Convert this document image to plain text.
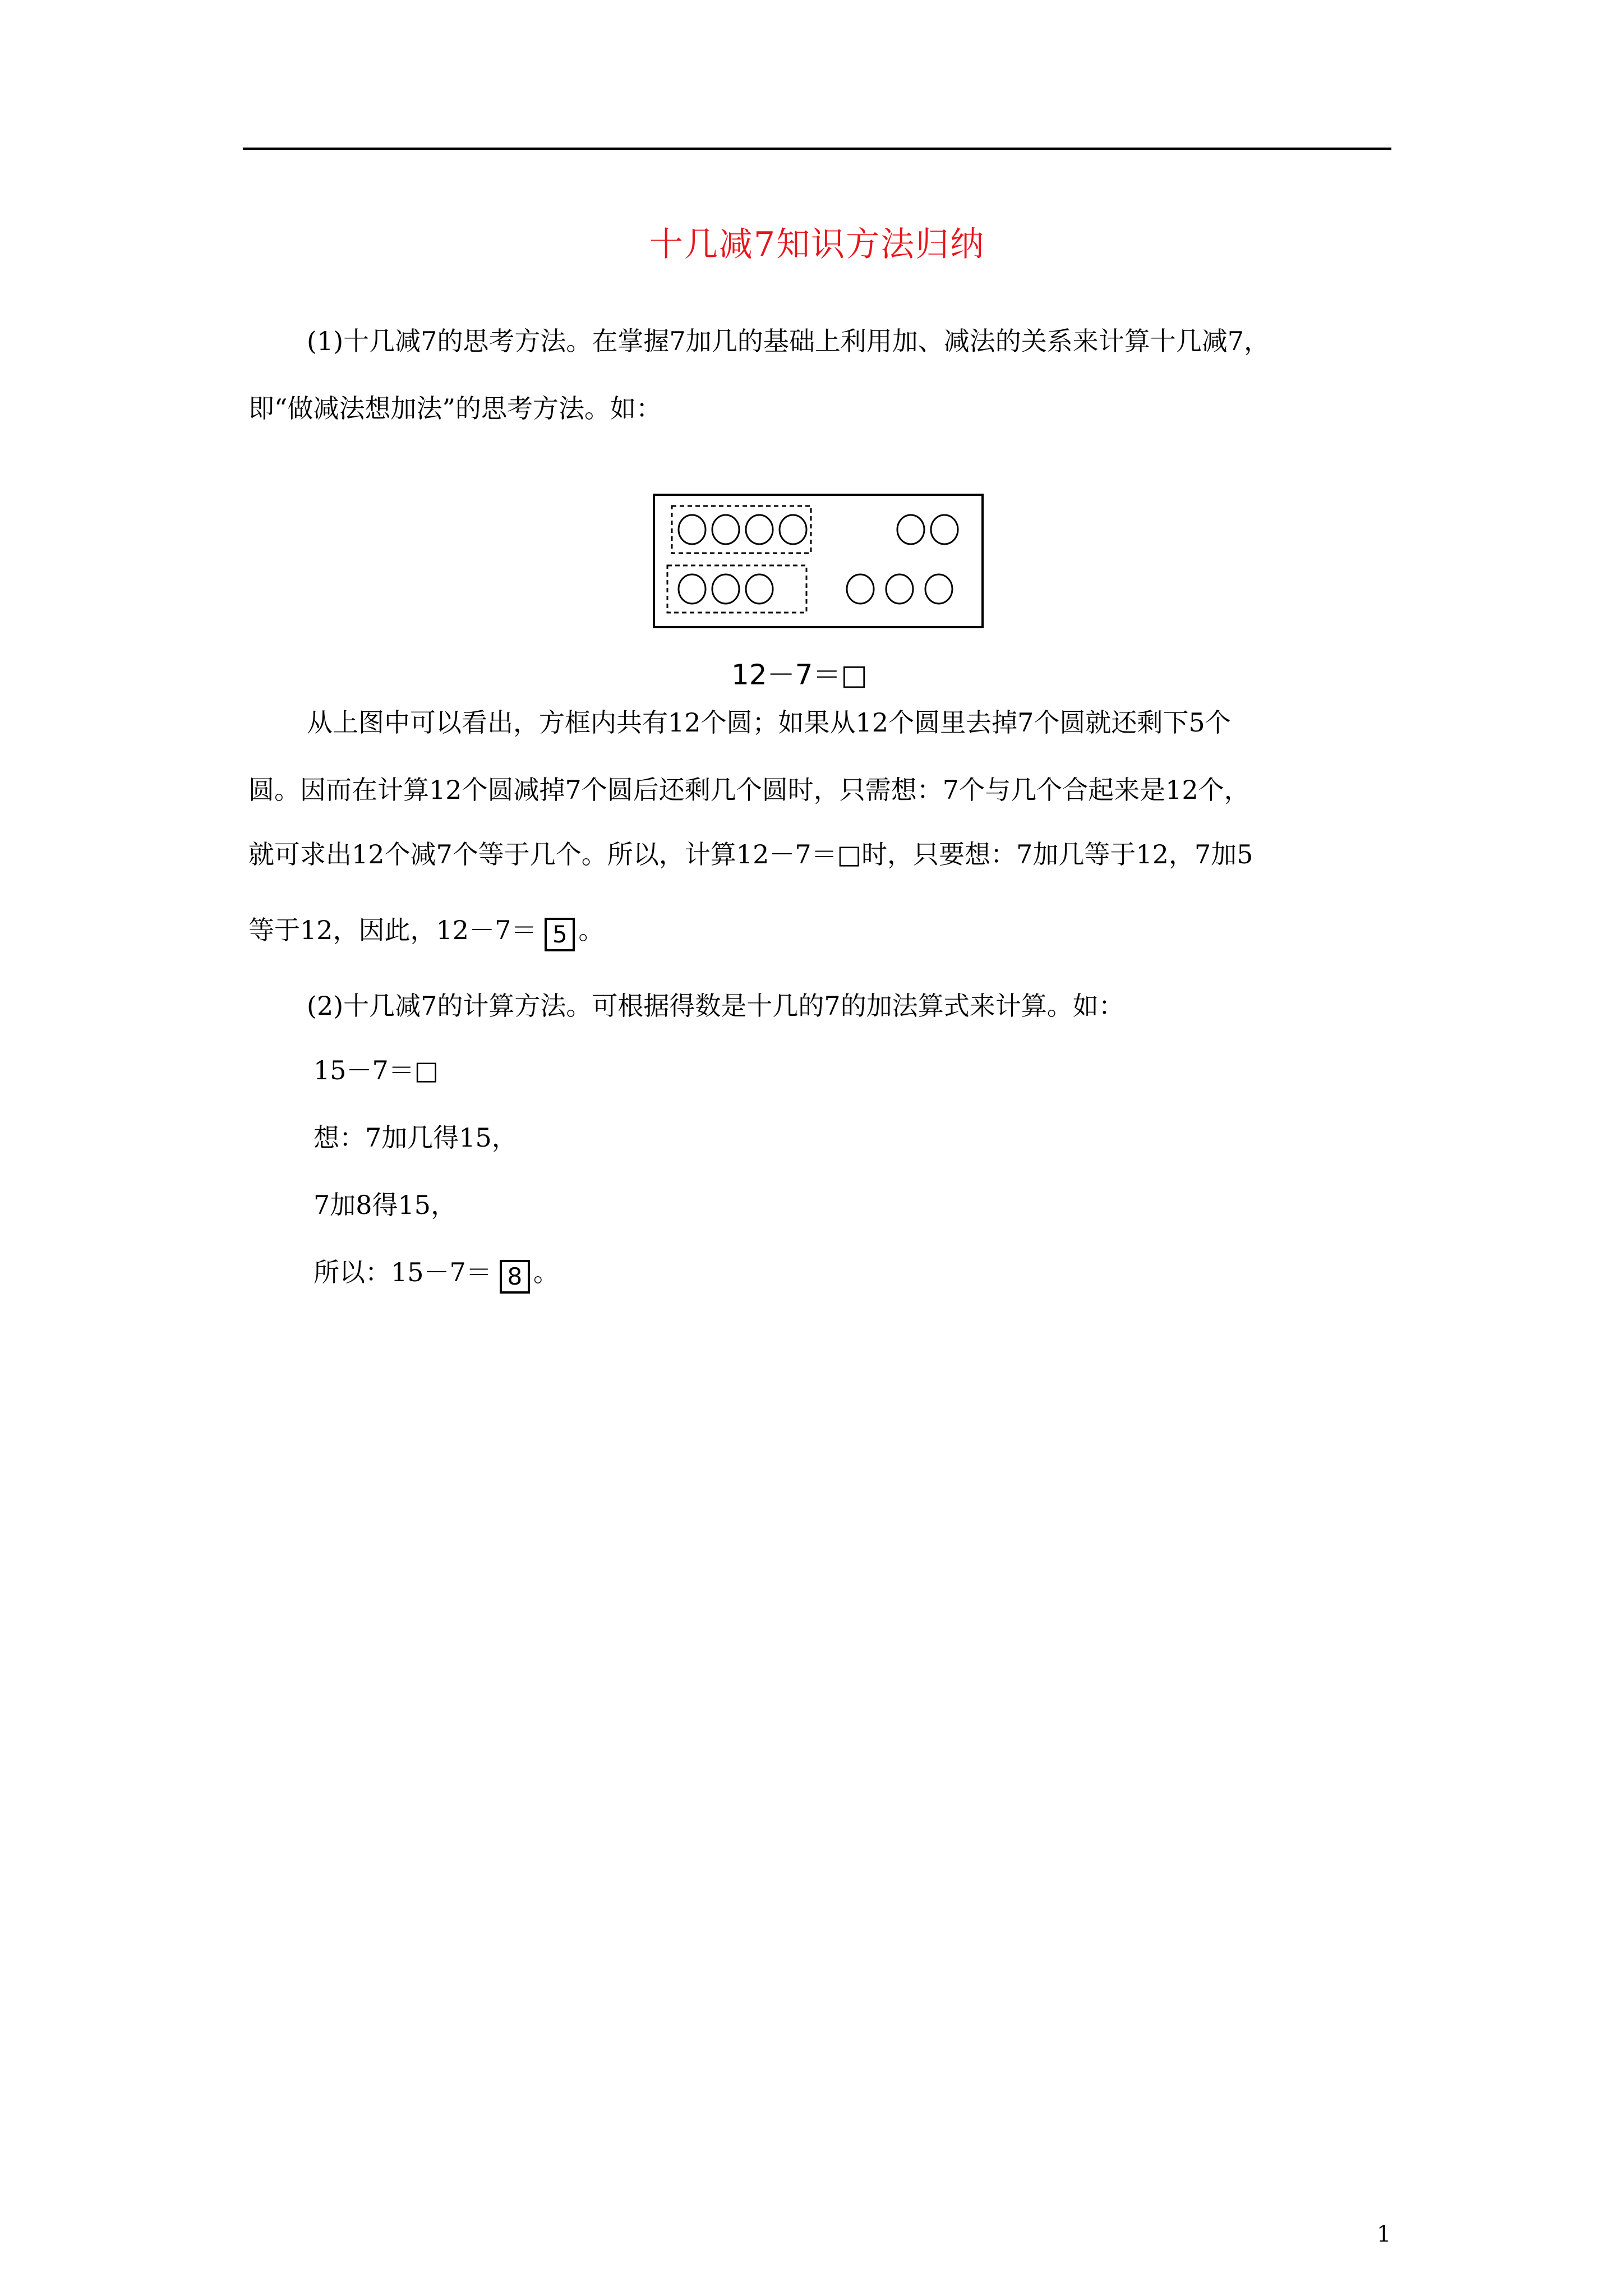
十几减7知识方法归纳
(1)十几减7的思考方法。在掌握7加几的基础上利用加、减法的关系来计算十几减7，
即“做减法想加法”的思考方法。如：
12－7＝□
从上图中可以看出，方框内共有12个圆；如果从12个圆里去掉7个圆就还剩下5个
圆。因而在计算12个圆减掉7个圆后还剩几个圆时，只需想：7个与几个合起来是12个，
就可求出12个减7个等于几个。所以，计算12－7＝□时，只要想：7加几等于12，7加5
等于12，因此，12－7＝ 5 。
(2)十几减7的计算方法。可根据得数是十几的7的加法算式来计算。如：
15－7＝□
想：7加几得15，
7加8得15，
所以：15－7＝ 8 。
1
